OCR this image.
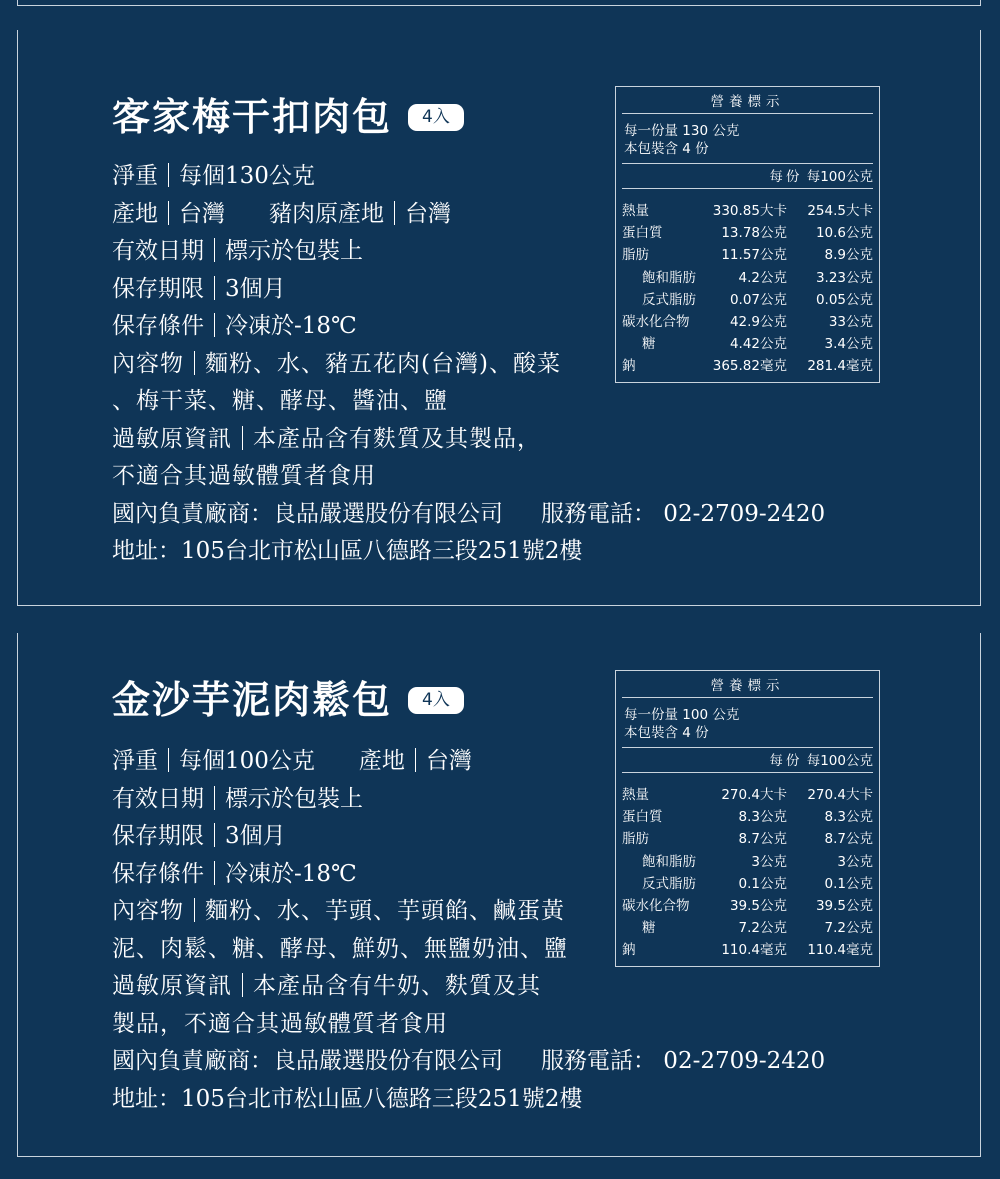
客家梅干扣肉包	4入
淨重 每個130公克
產地 台灣 豬肉原產地 台灣
有效日期 標示於包裝上
保存期限 3個月
保存條件 冷凍於-18℃
內容物 麵粉、水、豬五花肉(台灣)、酸菜
、梅干菜、糖、酵母、醬油、鹽
過敏原資訊 本產品含有麩質及其製品，
不適合其過敏體質者食用
國內負責廠商：良品嚴選股份有限公司 服務電話： 02-2709-2420
地址：105台北市松山區八德路三段251號2樓
營養標示
每一份量 130 公克
本包裝含 4 份
每份 每100公克
熱量	330.85大卡	254.5大卡
蛋白質	13.78公克	10.6公克
脂肪	11.57公克	8.9公克
飽和脂肪	4.2公克	3.23公克
反式脂肪	0.07公克	0.05公克
碳水化合物	42.9公克	33公克
糖	4.42公克	3.4公克
鈉	365.82毫克	281.4毫克
金沙芋泥肉鬆包	4入
淨重 每個100公克 產地 台灣
有效日期 標示於包裝上
保存期限 3個月
保存條件 冷凍於-18℃
內容物 麵粉、水、芋頭、芋頭餡、鹹蛋黃
泥、肉鬆、糖、酵母、鮮奶、無鹽奶油、鹽
過敏原資訊 本產品含有牛奶、麩質及其
製品，不適合其過敏體質者食用
國內負責廠商：良品嚴選股份有限公司 服務電話： 02-2709-2420
地址：105台北市松山區八德路三段251號2樓
營養標示
每一份量 100 公克
本包裝含 4 份
每份 每100公克
熱量	270.4大卡	270.4大卡
蛋白質	8.3公克	8.3公克
脂肪	8.7公克	8.7公克
飽和脂肪	3公克	3公克
反式脂肪	0.1公克	0.1公克
碳水化合物	39.5公克	39.5公克
糖	7.2公克	7.2公克
鈉	110.4毫克	110.4毫克
